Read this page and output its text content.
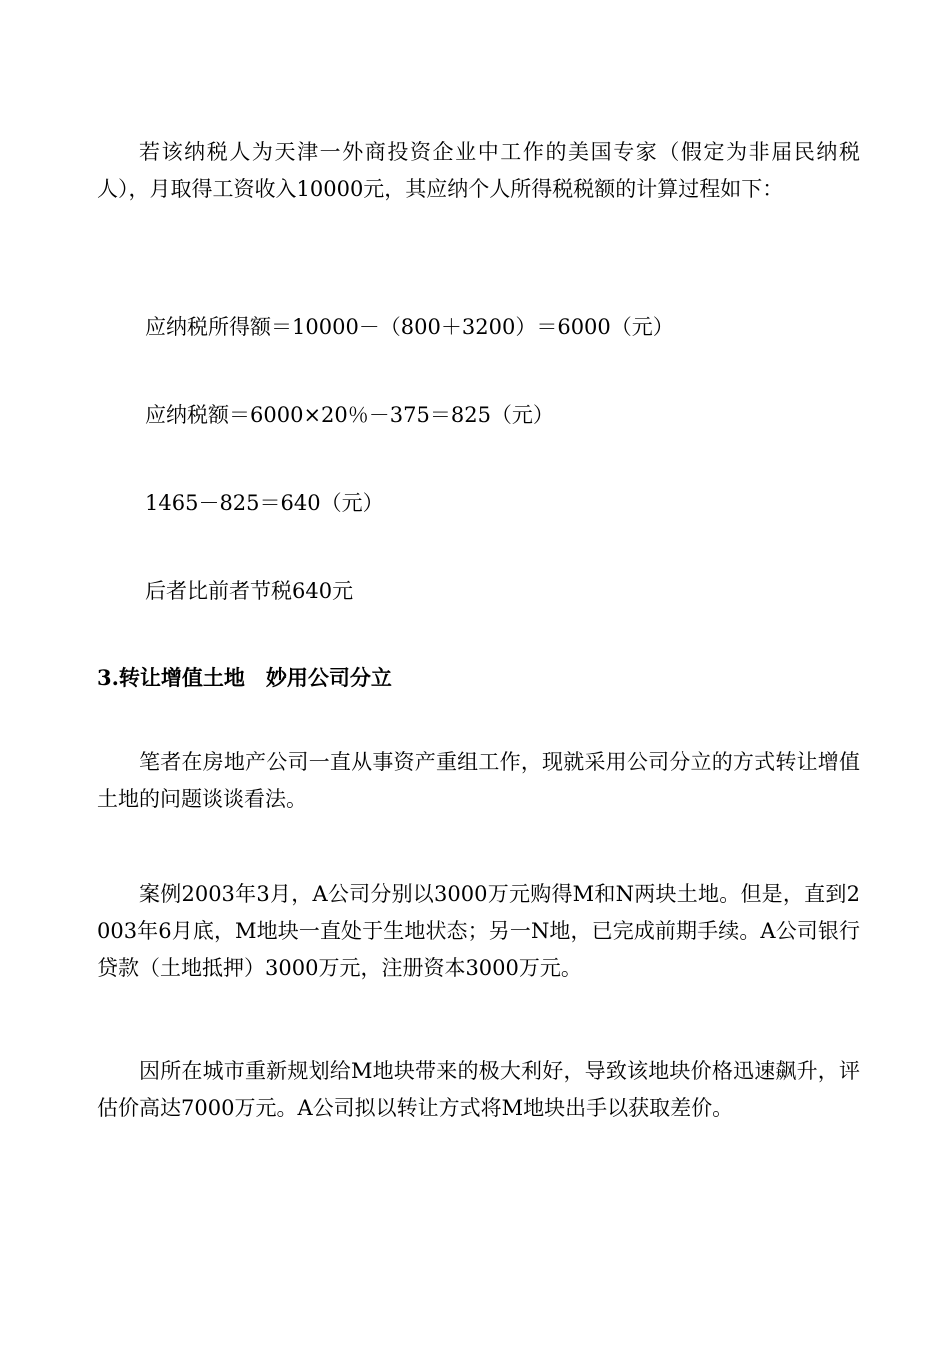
若该纳税人为天津一外商投资企业中工作的美国专家（假定为非届民纳税人），月取得工资收入10000元，其应纳个人所得税税额的计算过程如下：

应纳税所得额＝10000－（800＋3200）＝6000（元）

应纳税额＝6000×20％－375＝825（元）

1465－825＝640（元）

后者比前者节税640元

3.转让增值土地　妙用公司分立

笔者在房地产公司一直从事资产重组工作，现就采用公司分立的方式转让增值土地的问题谈谈看法。

案例2003年3月，A公司分别以3000万元购得M和N两块土地。但是，直到2003年6月底，M地块一直处于生地状态；另一N地，已完成前期手续。A公司银行贷款（土地抵押）3000万元，注册资本3000万元。

因所在城市重新规划给M地块带来的极大利好，导致该地块价格迅速飙升，评估价高达7000万元。A公司拟以转让方式将M地块出手以获取差价。
